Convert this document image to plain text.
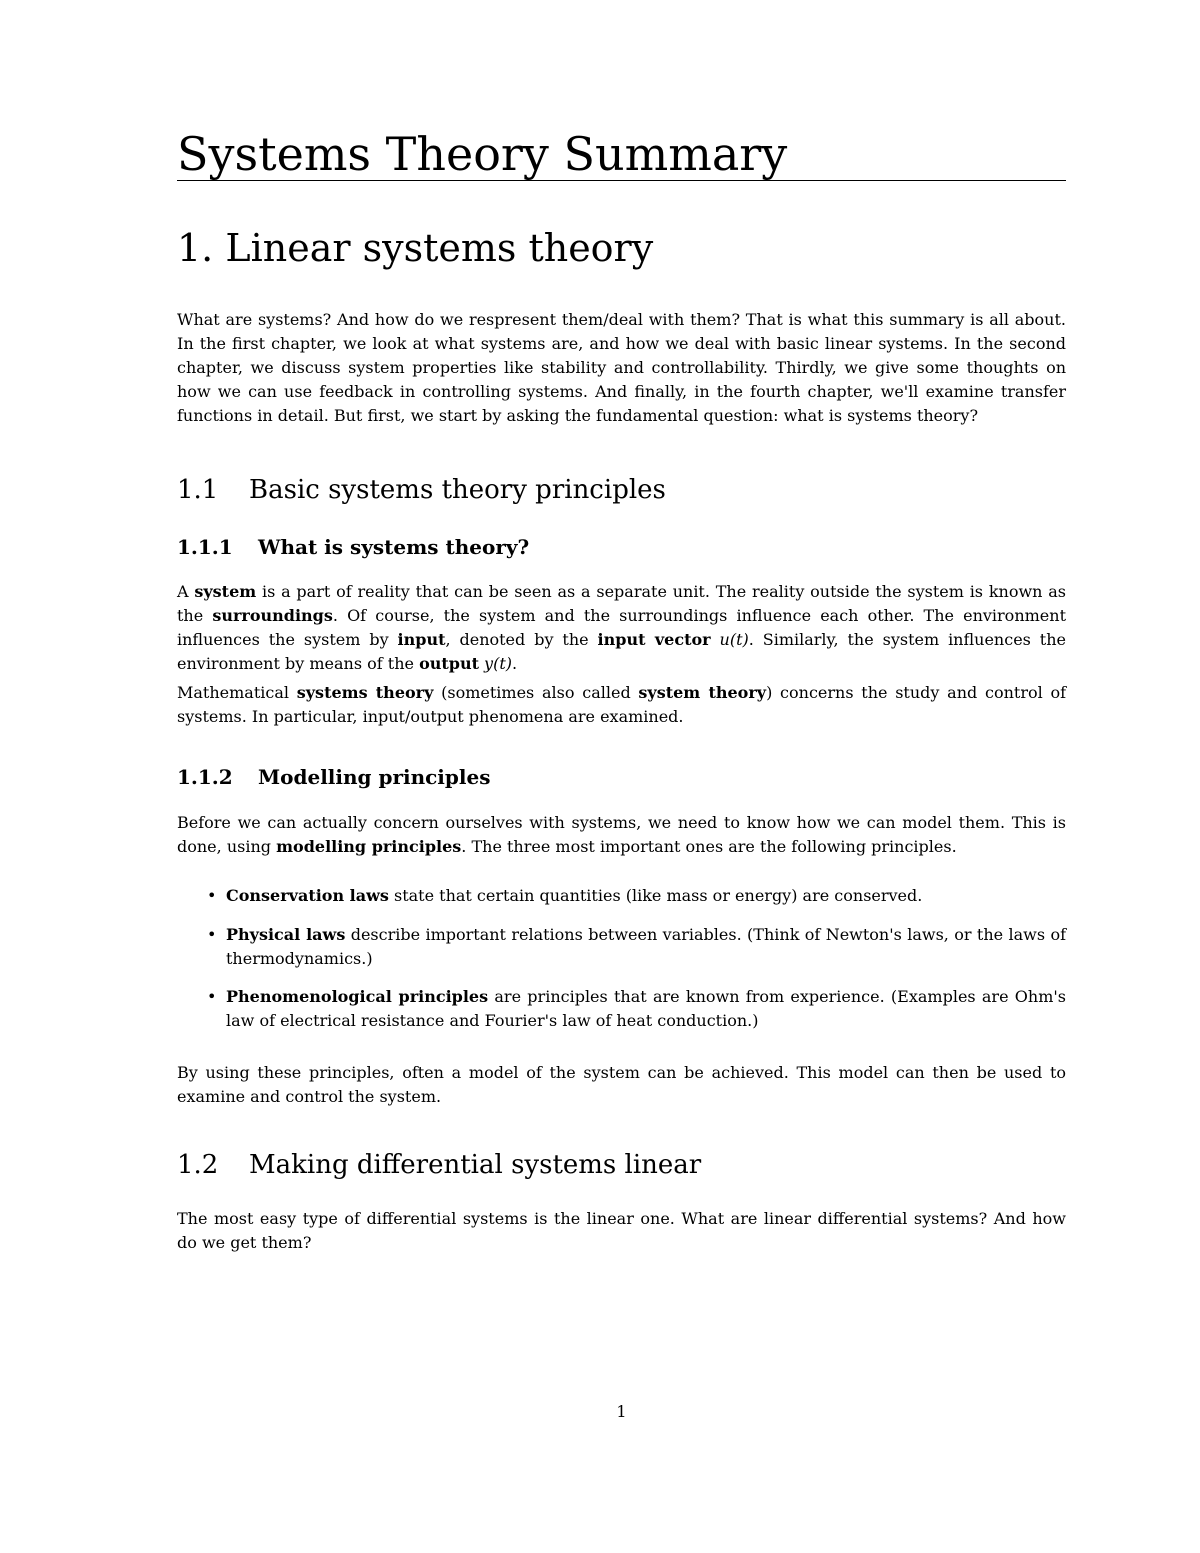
Systems Theory Summary
1. Linear systems theory

What are systems? And how do we respresent them/deal with them? That is what this summary is all about. In the first chapter, we look at what systems are, and how we deal with basic linear systems. In the second chapter, we discuss system properties like stability and controllability. Thirdly, we give some thoughts on how we can use feedback in controlling systems. And finally, in the fourth chapter, we'll examine transfer functions in detail. But first, we start by asking the fundamental question: what is systems theory?

1.1 Basic systems theory principles
1.1.1 What is systems theory?

A system is a part of reality that can be seen as a separate unit. The reality outside the system is known as the surroundings. Of course, the system and the surroundings influence each other. The environment influences the system by input, denoted by the input vector u(t). Similarly, the system influences the environment by means of the output y(t).

Mathematical systems theory (sometimes also called system theory) concerns the study and control of systems. In particular, input/output phenomena are examined.

1.1.2 Modelling principles

Before we can actually concern ourselves with systems, we need to know how we can model them. This is done, using modelling principles. The three most important ones are the following principles.

• Conservation laws state that certain quantities (like mass or energy) are conserved.
• Physical laws describe important relations between variables. (Think of Newton's laws, or the laws of thermodynamics.)
• Phenomenological principles are principles that are known from experience. (Examples are Ohm's law of electrical resistance and Fourier's law of heat conduction.)

By using these principles, often a model of the system can be achieved. This model can then be used to examine and control the system.

1.2 Making differential systems linear

The most easy type of differential systems is the linear one. What are linear differential systems? And how do we get them?

1
